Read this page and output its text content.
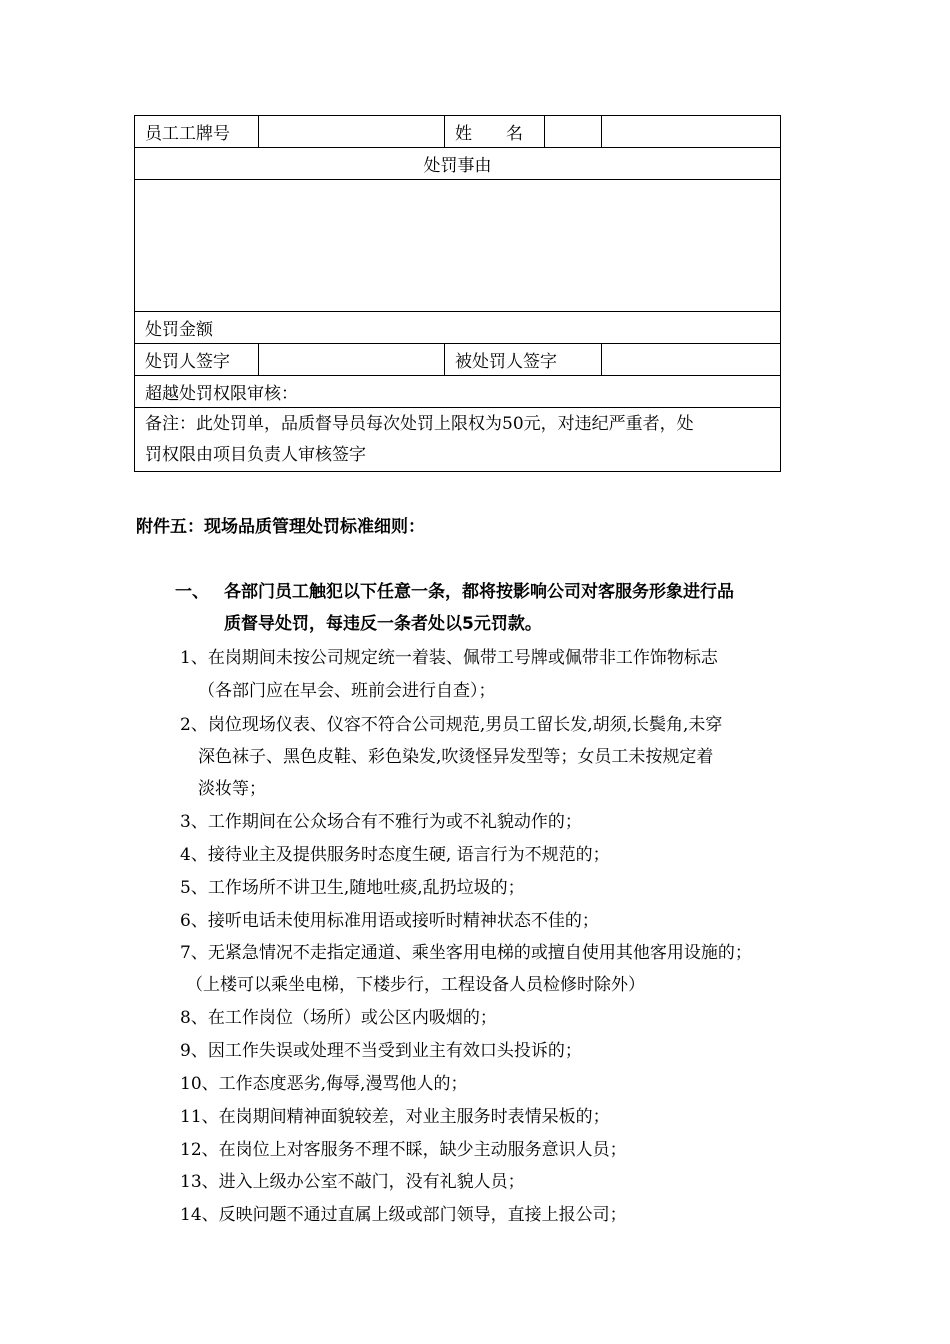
员工工牌号		姓　　名		
处罚事由				

处罚金额				
处罚人签字		被处罚人签字		
超越处罚权限审核：				
备注：此处罚单，品质督导员每次处罚上限权为50元，对违纪严重者，处
罚权限由项目负责人审核签字				
附件五：现场品质管理处罚标准细则：
一、 各部门员工触犯以下任意一条，都将按影响公司对客服务形象进行品
质督导处罚，每违反一条者处以5元罚款。
1、在岗期间未按公司规定统一着装、佩带工号牌或佩带非工作饰物标志
（各部门应在早会、班前会进行自查）；
2、岗位现场仪表、仪容不符合公司规范,男员工留长发,胡须,长鬓角,未穿
深色袜子、黑色皮鞋、彩色染发,吹烫怪异发型等；女员工未按规定着
淡妆等；
3、工作期间在公众场合有不雅行为或不礼貌动作的；
4、接待业主及提供服务时态度生硬, 语言行为不规范的；
5、工作场所不讲卫生,随地吐痰,乱扔垃圾的；
6、接听电话未使用标准用语或接听时精神状态不佳的；
7、无紧急情况不走指定通道、乘坐客用电梯的或擅自使用其他客用设施的；
（上楼可以乘坐电梯，下楼步行，工程设备人员检修时除外）
8、在工作岗位（场所）或公区内吸烟的；
9、因工作失误或处理不当受到业主有效口头投诉的；
10、工作态度恶劣,侮辱,漫骂他人的；
11、在岗期间精神面貌较差，对业主服务时表情呆板的；
12、在岗位上对客服务不理不睬，缺少主动服务意识人员；
13、进入上级办公室不敲门，没有礼貌人员；
14、反映问题不通过直属上级或部门领导，直接上报公司；
